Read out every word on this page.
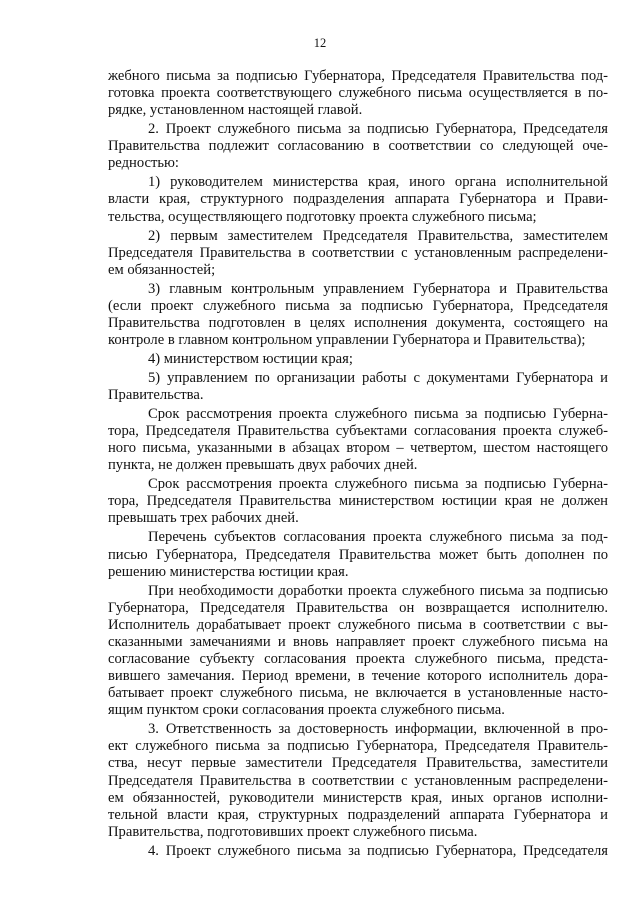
12
жебного письма за подписью Губернатора, Председателя Правительства под-
готовка проекта соответствующего служебного письма осуществляется в по-
рядке, установленном настоящей главой.
2. Проект служебного письма за подписью Губернатора, Председателя
Правительства подлежит согласованию в соответствии со следующей оче-
редностью:
1) руководителем министерства края, иного органа исполнительной
власти края, структурного подразделения аппарата Губернатора и Прави-
тельства, осуществляющего подготовку проекта служебного письма;
2) первым заместителем Председателя Правительства, заместителем
Председателя Правительства в соответствии с установленным распределени-
ем обязанностей;
3) главным контрольным управлением Губернатора и Правительства
(если проект служебного письма за подписью Губернатора, Председателя
Правительства подготовлен в целях исполнения документа, состоящего на
контроле в главном контрольном управлении Губернатора и Правительства);
4) министерством юстиции края;
5) управлением по организации работы с документами Губернатора и
Правительства.
Срок рассмотрения проекта служебного письма за подписью Губерна-
тора, Председателя Правительства субъектами согласования проекта служеб-
ного письма, указанными в абзацах втором – четвертом, шестом настоящего
пункта, не должен превышать двух рабочих дней.
Срок рассмотрения проекта служебного письма за подписью Губерна-
тора, Председателя Правительства министерством юстиции края не должен
превышать трех рабочих дней.
Перечень субъектов согласования проекта служебного письма за под-
писью Губернатора, Председателя Правительства может быть дополнен по
решению министерства юстиции края.
При необходимости доработки проекта служебного письма за подписью
Губернатора, Председателя Правительства он возвращается исполнителю.
Исполнитель дорабатывает проект служебного письма в соответствии с вы-
сказанными замечаниями и вновь направляет проект служебного письма на
согласование субъекту согласования проекта служебного письма, предста-
вившего замечания. Период времени, в течение которого исполнитель дора-
батывает проект служебного письма, не включается в установленные насто-
ящим пунктом сроки согласования проекта служебного письма.
3. Ответственность за достоверность информации, включенной в про-
ект служебного письма за подписью Губернатора, Председателя Правитель-
ства, несут первые заместители Председателя Правительства, заместители
Председателя Правительства в соответствии с установленным распределени-
ем обязанностей, руководители министерств края, иных органов исполни-
тельной власти края, структурных подразделений аппарата Губернатора и
Правительства, подготовивших проект служебного письма.
4. Проект служебного письма за подписью Губернатора, Председателя
